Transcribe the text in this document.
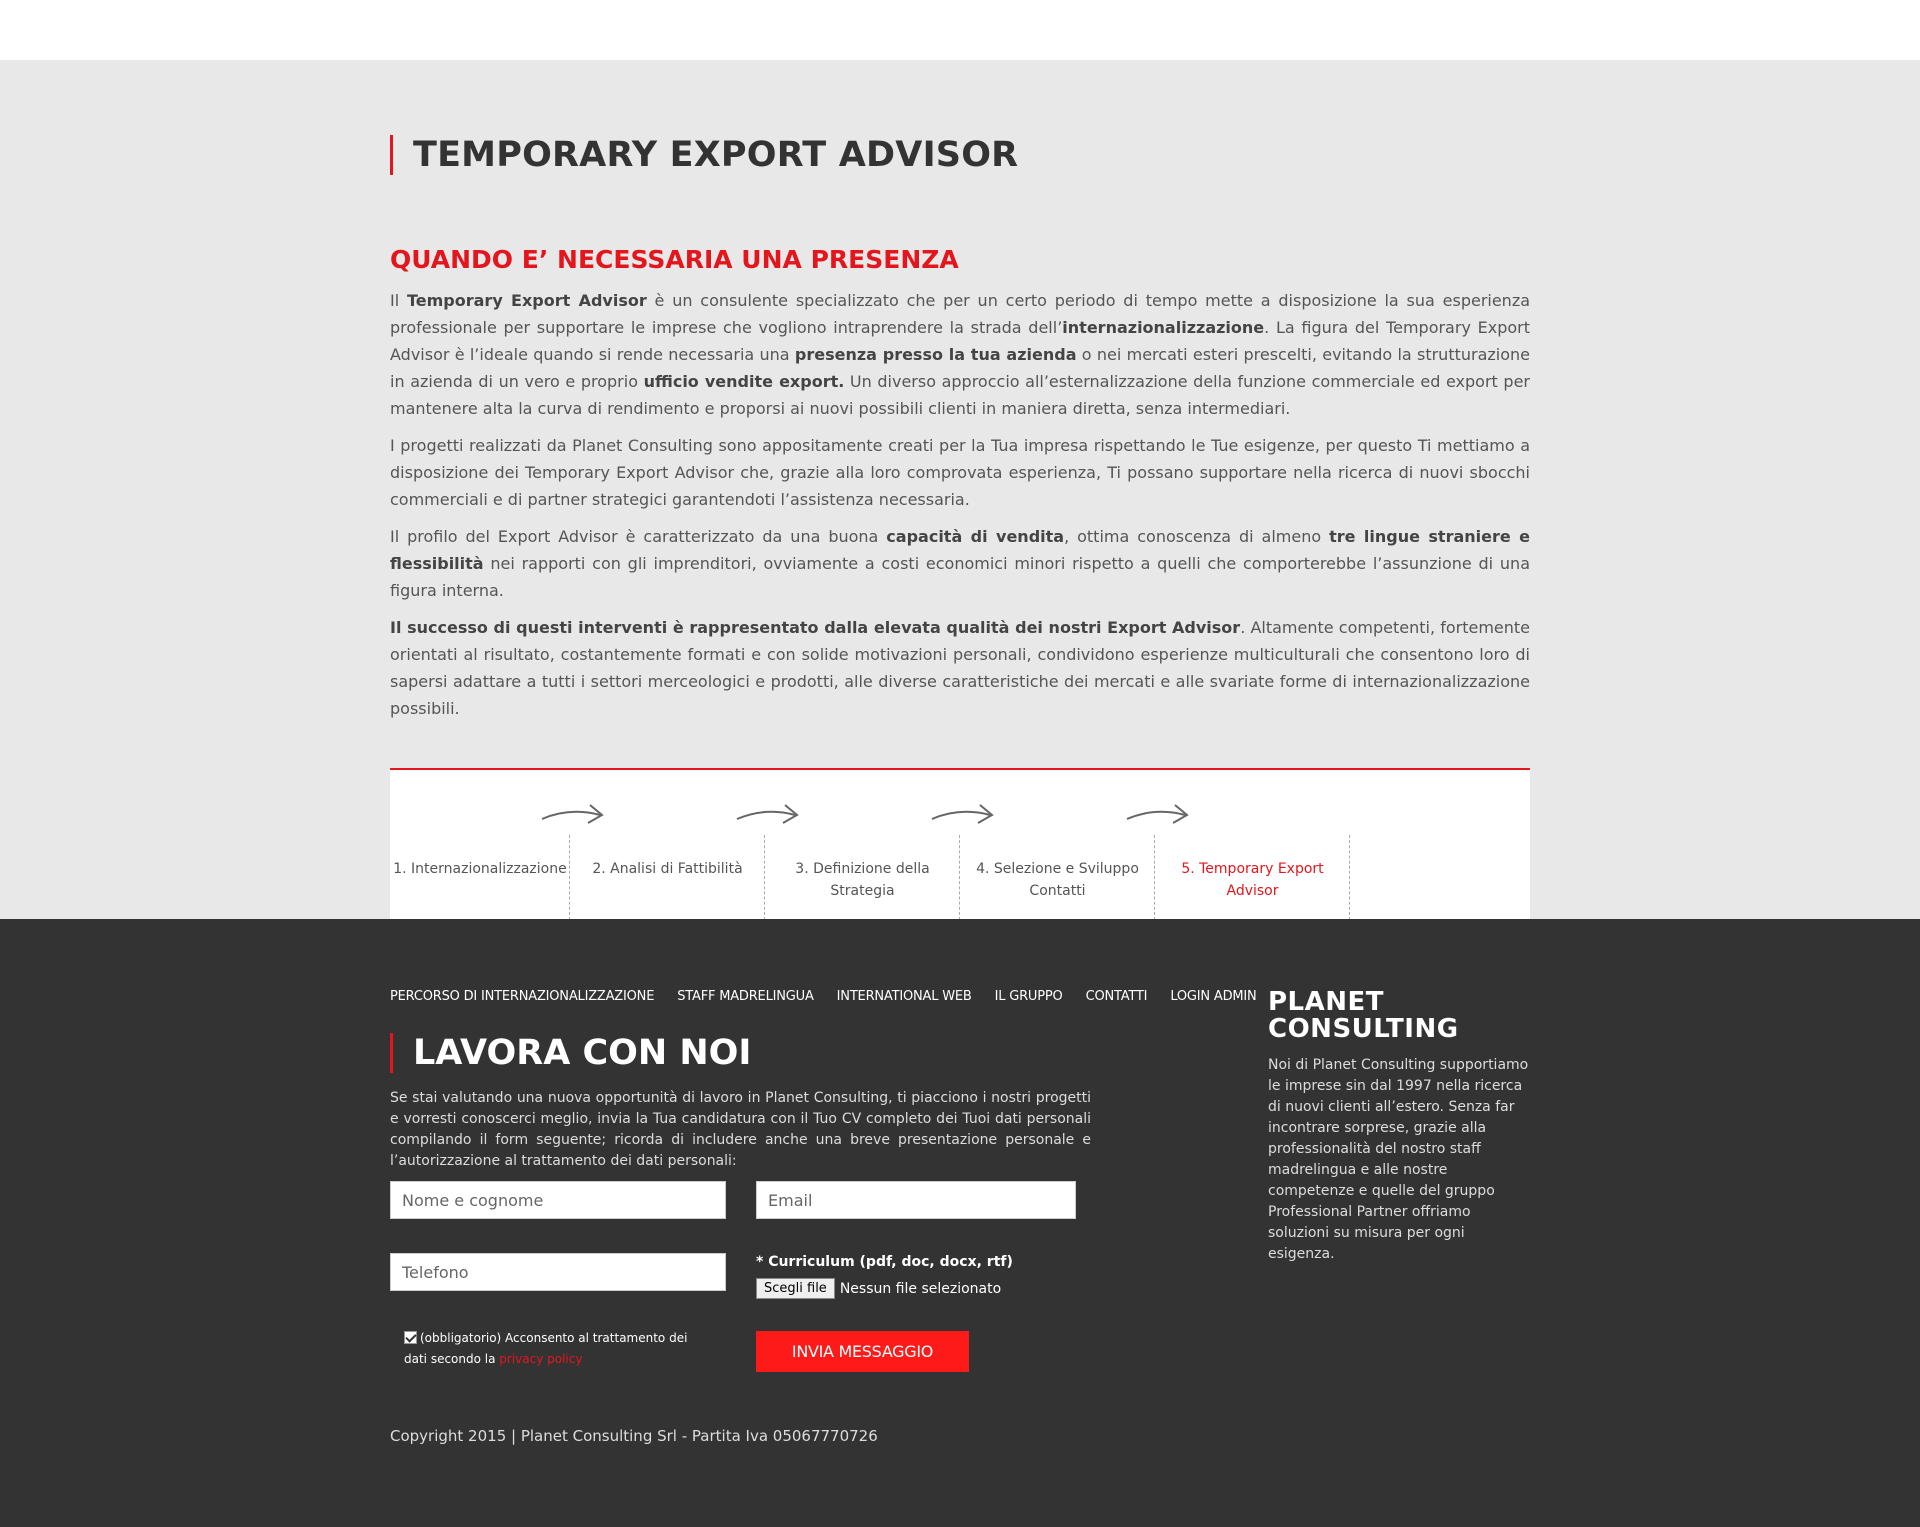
TEMPORARY EXPORT ADVISOR
QUANDO E’ NECESSARIA UNA PRESENZA

Il Temporary Export Advisor è un consulente specializzato che per un certo periodo di tempo mette a disposizione la sua esperienza professionale per supportare le imprese che vogliono intraprendere la strada dell’internazionalizzazione. La figura del Temporary Export Advisor è l’ideale quando si rende necessaria una presenza presso la tua azienda o nei mercati esteri prescelti, evitando la strutturazione in azienda di un vero e proprio ufficio vendite export. Un diverso approccio all’esternalizzazione della funzione commerciale ed export per mantenere alta la curva di rendimento e proporsi ai nuovi possibili clienti in maniera diretta, senza intermediari.

I progetti realizzati da Planet Consulting sono appositamente creati per la Tua impresa rispettando le Tue esigenze, per questo Ti mettiamo a disposizione dei Temporary Export Advisor che, grazie alla loro comprovata esperienza, Ti possano supportare nella ricerca di nuovi sbocchi commerciali e di partner strategici garantendoti l’assistenza necessaria.

Il profilo del Export Advisor è caratterizzato da una buona capacità di vendita, ottima conoscenza di almeno tre lingue straniere e flessibilità nei rapporti con gli imprenditori, ovviamente a costi economici minori rispetto a quelli che comporterebbe l’assunzione di una figura interna.

Il successo di questi interventi è rappresentato dalla elevata qualità dei nostri Export Advisor. Altamente competenti, fortemente orientati al risultato, costantemente formati e con solide motivazioni personali, condividono esperienze multiculturali che consentono loro di sapersi adattare a tutti i settori merceologici e prodotti, alle diverse caratteristiche dei mercati e alle svariate forme di internazionalizzazione possibili.

1. Internazionalizzazione	2. Analisi di Fattibilità	3. Definizione della Strategia
4. Selezione e Sviluppo Contatti
5. Temporary Export Advisor
PERCORSO DI INTERNAZIONALIZZAZIONE STAFF MADRELINGUA INTERNATIONAL WEB IL GRUPPO CONTATTI LOGIN ADMIN
LAVORA CON NOI

Se stai valutando una nuova opportunità di lavoro in Planet Consulting, ti piacciono i nostri progetti e vorresti conoscerci meglio, invia la Tua candidatura con il Tuo CV completo dei Tuoi dati personali compilando il form seguente; ricorda di includere anche una breve presentazione personale e l’autorizzazione al trattamento dei dati personali:

Nome e cognome
Email
Telefono
* Curriculum (pdf, doc, docx, rtf)
Scegli file Nessun file selezionato
(obbligatorio) Acconsento al trattamento dei dati secondo la privacy policy	INVIA MESSAGGIO
Copyright 2015 | Planet Consulting Srl - Partita Iva 05067770726
PLANET CONSULTING

Noi di Planet Consulting supportiamo le imprese sin dal 1997 nella ricerca di nuovi clienti all’estero. Senza far incontrare sorprese, grazie alla professionalità del nostro staff madrelingua e alle nostre competenze e quelle del gruppo Professional Partner offriamo soluzioni su misura per ogni esigenza.
